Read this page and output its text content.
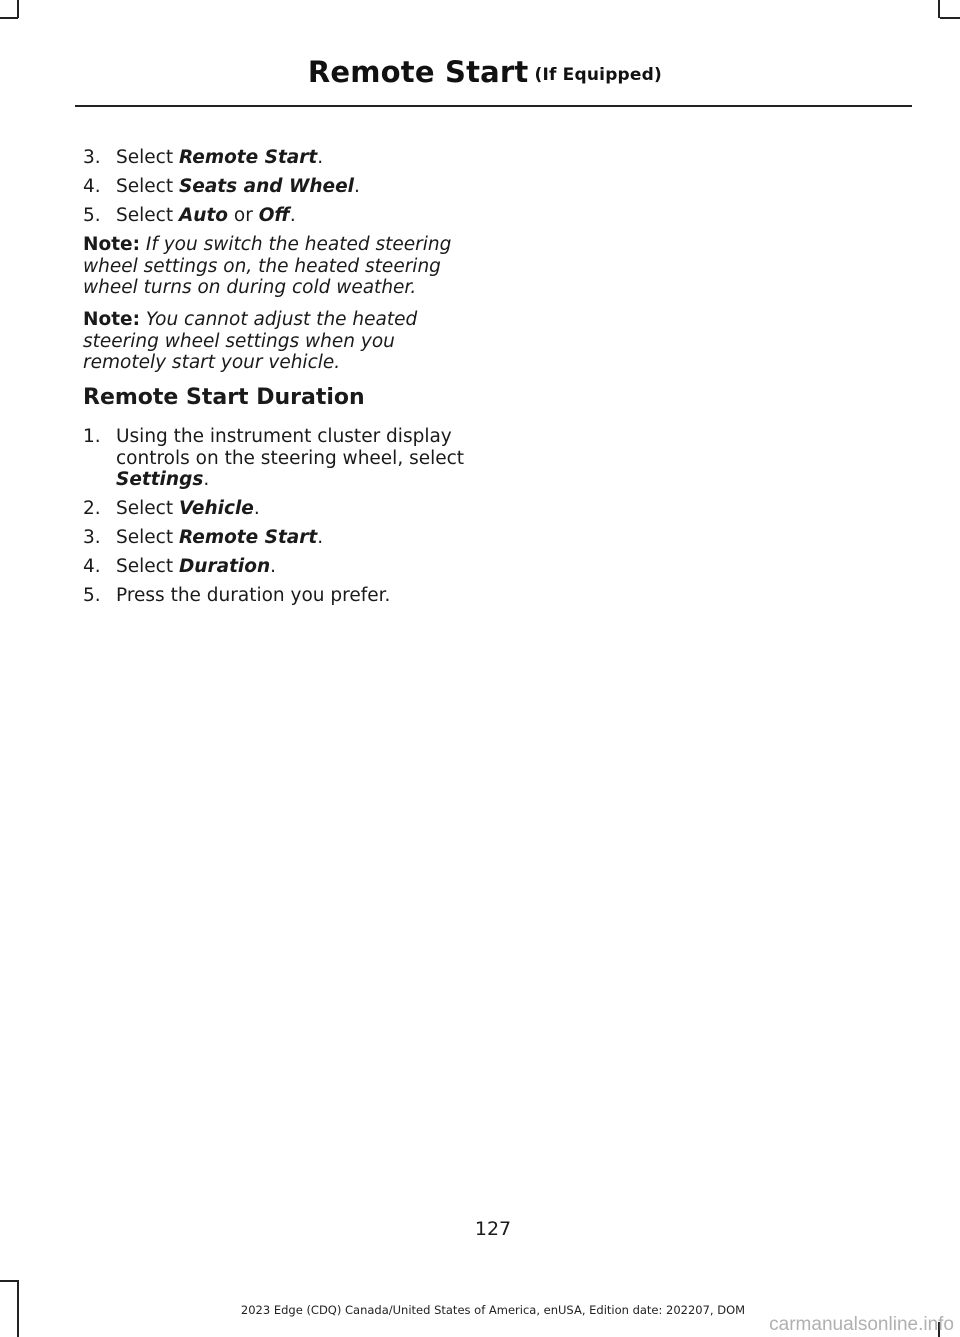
Remote Start (If Equipped)
3. Select Remote Start.
4. Select Seats and Wheel.
5. Select Auto or Off.
Note: If you switch the heated steering wheel settings on, the heated steering wheel turns on during cold weather.
Note: You cannot adjust the heated steering wheel settings when you remotely start your vehicle.
Remote Start Duration
1. Using the instrument cluster display controls on the steering wheel, select Settings.
2. Select Vehicle.
3. Select Remote Start.
4. Select Duration.
5. Press the duration you prefer.
127
2023 Edge (CDQ) Canada/United States of America, enUSA, Edition date: 202207, DOM
carmanualsonline.info
